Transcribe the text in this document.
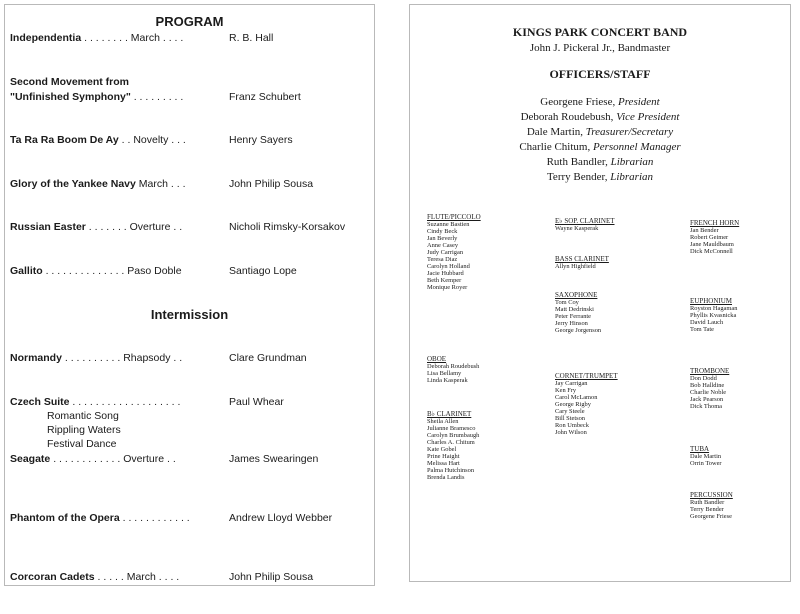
PROGRAM
Independentia . . . . . . . . March . . . .	R. B. Hall
Second Movement from
"Unfinished Symphony" . . . . . . . . .	Franz Schubert
Ta Ra Ra Boom De Ay . . Novelty . . .	Henry Sayers
Glory of the Yankee Navy March . . .	John Philip Sousa
Russian Easter . . . . . . . Overture . .	Nicholi Rimsky-Korsakov
Gallito . . . . . . . . . . . . . . Paso Doble	Santiago Lope
Intermission
Normandy . . . . . . . . . . Rhapsody . .	Clare Grundman
Czech Suite . . . . . . . . . . . . . . . . . . .	Paul Whear
Romantic Song
Rippling Waters
Festival Dance
Seagate . . . . . . . . . . . . Overture . .	James Swearingen
Phantom of the Opera . . . . . . . . . . . .	Andrew Lloyd Webber
Corcoran Cadets . . . . . March . . . .	John Philip Sousa
KINGS PARK CONCERT BAND
John J. Pickeral Jr., Bandmaster
OFFICERS/STAFF
Georgene Friese, President
Deborah Roudebush, Vice President
Dale Martin, Treasurer/Secretary
Charlie Chitum, Personnel Manager
Ruth Bandler, Librarian
Terry Bender, Librarian
FLUTE/PICCOLO
Suzanne Bastien
Cindy Beck
Jan Beverly
Anne Casey
Judy Carrigan
Teresa Diaz
Carolyn Holland
Jacie Hubbard
Beth Kemper
Monique Royer
OBOE
Deborah Roudebush
Lisa Bellamy
Linda Kasperak
B♭ CLARINET
Sheila Allen
Julianne Bramesco
Carolyn Brumbaugh
Charles A. Chitum
Kate Gobel
Prine Haight
Melissa Hart
Palma Hutchinson
Brenda Landis
E♭ SOP. CLARINET
Wayne Kasperak
BASS CLARINET
Allyn Highfield
SAXOPHONE
Tom Coy
Matt Dedrinski
Peter Ferrante
Jerry Hinson
George Jorgenson
CORNET/TRUMPET
Jay Carrigan
Ken Fry
Carol McLamon
George Rigby
Cary Steele
Bill Stetson
Ron Umbeck
John Wilson
FRENCH HORN
Jan Bender
Robert Geimer
Jane Mauldbaum
Dick McConnell
EUPHONIUM
Royston Hagaman
Phyllis Kvasnicka
David Lauch
Tom Tate
TROMBONE
Don Dodd
Bob Halldine
Charlie Noble
Jack Pearson
Dick Thoma
TUBA
Dale Martin
Orrin Tower
PERCUSSION
Ruth Bandler
Terry Bender
Georgene Friese
